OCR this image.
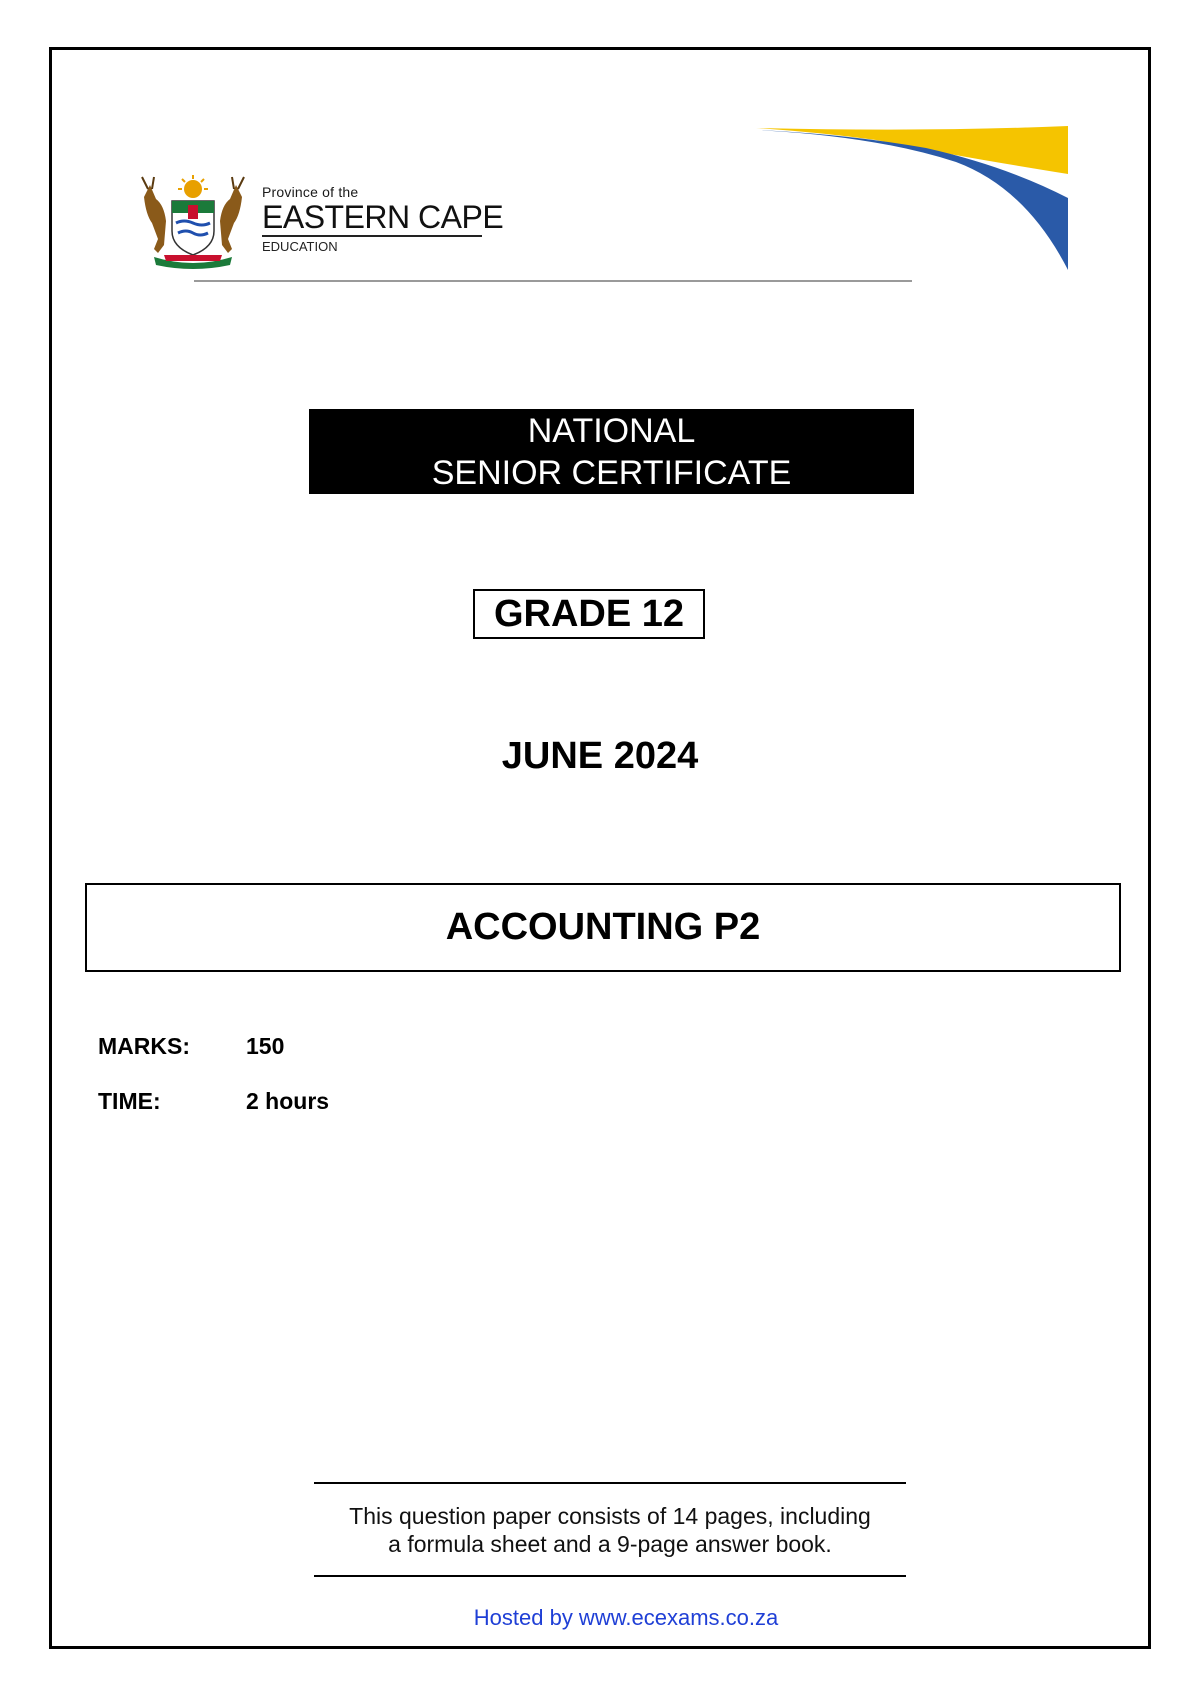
Province of the
EASTERN CAPE
EDUCATION
NATIONAL
SENIOR CERTIFICATE
GRADE 12
JUNE 2024
ACCOUNTING P2
MARKS:	150
TIME:	2 hours
This question paper consists of 14 pages, including
a formula sheet and a 9-page answer book.
Hosted by www.ecexams.co.za
